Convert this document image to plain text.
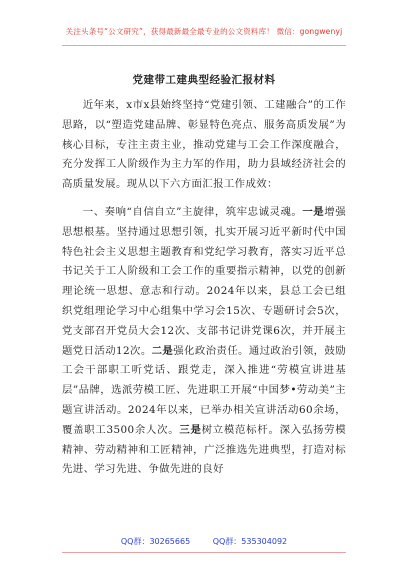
关注头条号“公文研究”，获得最新最全最专业的公文资料库！ 微信：gongwenyj
党建带工建典型经验汇报材料

近年来，x市x县始终坚持“党建引领、工建融合”的工作思路，以“塑造党建品牌、彰显特色亮点、服务高质发展”为核心目标，专注主责主业，推动党建与工会工作深度融合，充分发挥工人阶级作为主力军的作用，助力县域经济社会的高质量发展。现从以下六方面汇报工作成效：

一、奏响“自信自立”主旋律，筑牢忠诚灵魂。一是增强思想根基。坚持通过思想引领，扎实开展习近平新时代中国特色社会主义思想主题教育和党纪学习教育，落实习近平总书记关于工人阶级和工会工作的重要指示精神，以党的创新理论统一思想、意志和行动。2024年以来，县总工会已组织党组理论学习中心组集中学习会15次、专题研讨会5次，党支部召开党员大会12次、支部书记讲党课6次，并开展主题党日活动12次。二是强化政治责任。通过政治引领，鼓励工会干部职工听党话、跟党走，深入推进“劳模宣讲进基层”品牌，选派劳模工匠、先进职工开展“中国梦•劳动美”主题宣讲活动。2024年以来，已举办相关宣讲活动60余场，覆盖职工3500余人次。三是树立模范标杆。深入弘扬劳模精神、劳动精神和工匠精神，广泛推选先进典型，打造对标先进、学习先进、争做先进的良好

QQ群：30265665	QQ群：535304092
